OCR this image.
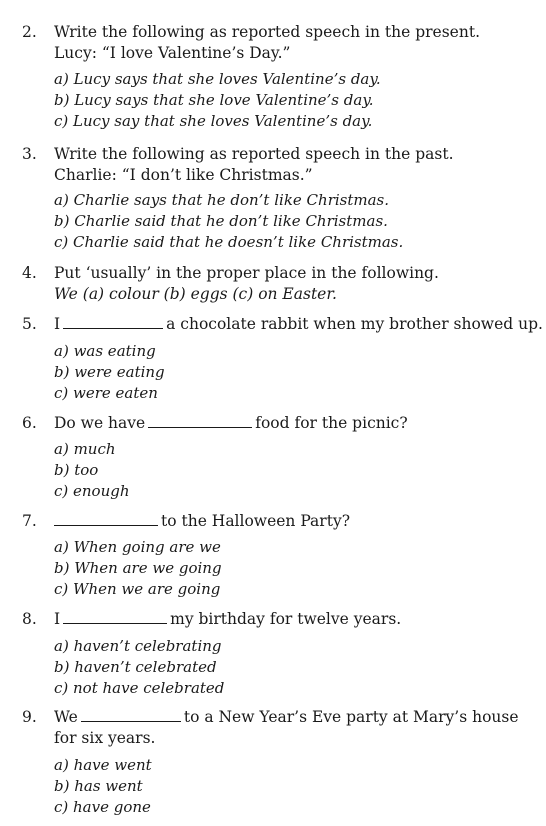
2. Write the following as reported speech in the present.
Lucy: “I love Valentine’s Day.”
a) Lucy says that she loves Valentine’s day.
b) Lucy says that she love Valentine’s day.
c) Lucy say that she loves Valentine’s day.
3. Write the following as reported speech in the past.
Charlie: “I don’t like Christmas.”
a) Charlie says that he don’t like Christmas.
b) Charlie said that he don’t like Christmas.
c) Charlie said that he doesn’t like Christmas.
4. Put ‘usually’ in the proper place in the following.
We (a) colour (b) eggs (c) on Easter.
5. I	a chocolate rabbit when my brother showed up.
a) was eating
b) were eating
c) were eaten
6. Do we have	food for the picnic?
a) much
b) too
c) enough
7.	to the Halloween Party?
a) When going are we
b) When are we going
c) When we are going
8. I	my birthday for twelve years.
a) haven’t celebrating
b) haven’t celebrated
c) not have celebrated
9. We	to a New Year’s Eve party at Mary’s house
for six years.
a) have went
b) has went
c) have gone
